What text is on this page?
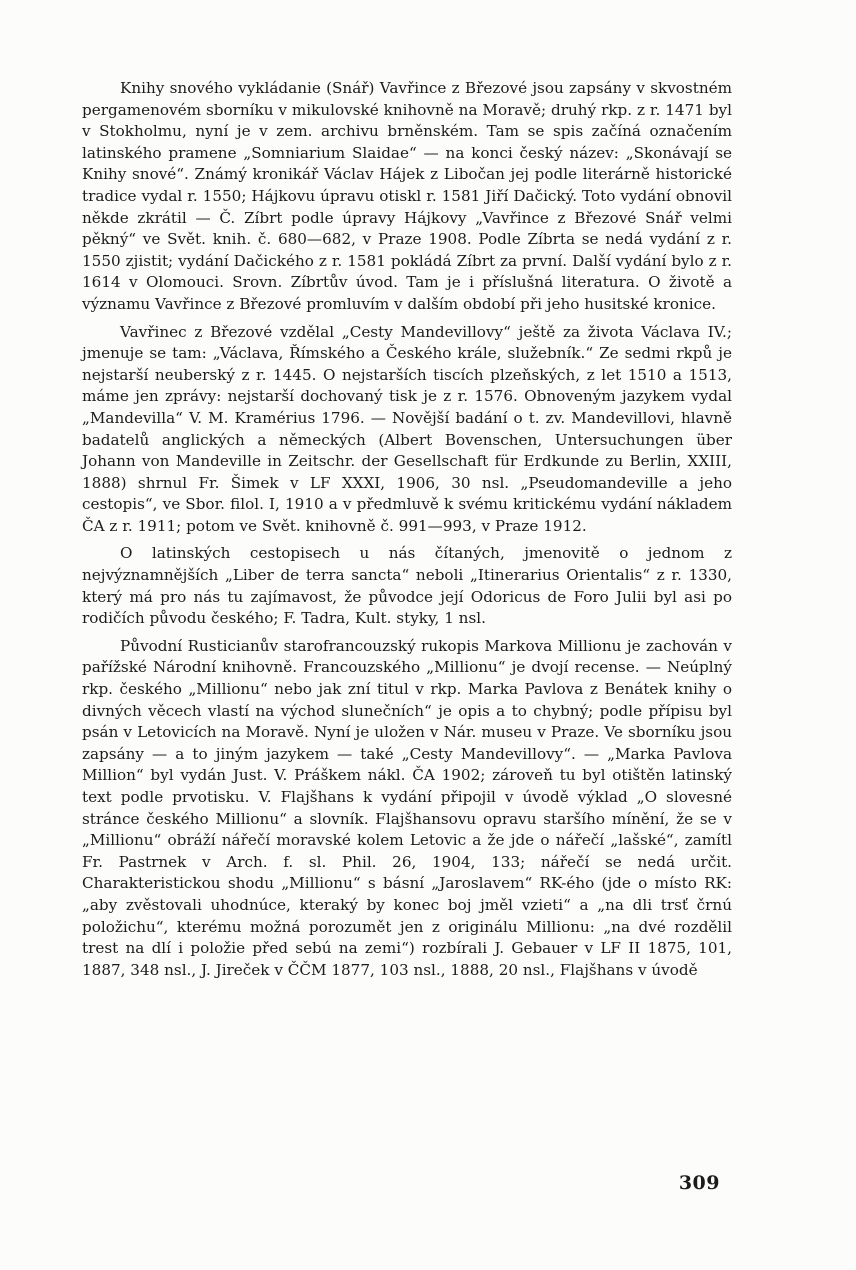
Knihy snového vykládanie (Snář) Vavřince z Březové jsou zapsány v skvostném pergamenovém sborníku v mikulovské knihovně na Moravě; druhý rkp. z r. 1471 byl v Stokholmu, nyní je v zem. archivu brněnském. Tam se spis začíná označením latinského pramene „Somniarium Slaidae“ — na konci český název: „Skonávají se Knihy snové“. Známý kronikář Václav Hájek z Libočan jej podle literárně historické tradice vydal r. 1550; Hájkovu úpravu otiskl r. 1581 Jiří Dačický. Toto vydání obnovil někde zkrátil — Č. Zíbrt podle úpravy Hájkovy „Vavřince z Březové Snář velmi pěkný“ ve Svět. knih. č. 680—682, v Praze 1908. Podle Zíbrta se nedá vydání z r. 1550 zjistit; vydání Dačického z r. 1581 pokládá Zíbrt za první. Další vydání bylo z r. 1614 v Olomouci. Srovn. Zíbrtův úvod. Tam je i příslušná literatura. O životě a významu Vavřince z Březové promluvím v dalším období při jeho husitské kronice.

Vavřinec z Březové vzdělal „Cesty Mandevillovy“ ještě za života Václava IV.; jmenuje se tam: „Václava, Římského a Českého krále, služebník.“ Ze sedmi rkpů je nejstarší neuberský z r. 1445. O nejstarších tiscích plzeňských, z let 1510 a 1513, máme jen zprávy: nejstarší dochovaný tisk je z r. 1576. Obnoveným jazykem vydal „Mandevilla“ V. M. Kramérius 1796. — Novější badání o t. zv. Mandevillovi, hlavně badatelů anglických a německých (Albert Bovenschen, Untersuchungen über Johann von Mandeville in Zeitschr. der Gesellschaft für Erdkunde zu Berlin, XXIII, 1888) shrnul Fr. Šimek v LF XXXI, 1906, 30 nsl. „Pseudomandeville a jeho cestopis“, ve Sbor. filol. I, 1910 a v předmluvě k svému kritickému vydání nákladem ČA z r. 1911; potom ve Svět. knihovně č. 991—993, v Praze 1912.

O latinských cestopisech u nás čítaných, jmenovitě o jednom z nejvýznamnějších „Liber de terra sancta“ neboli „Itinerarius Orientalis“ z r. 1330, který má pro nás tu zajímavost, že původce její Odoricus de Foro Julii byl asi po rodičích původu českého; F. Tadra, Kult. styky, 1 nsl.

Původní Rusticianův starofrancouzský rukopis Markova Millionu je zachován v pařížské Národní knihovně. Francouzského „Millionu“ je dvojí recense. — Neúplný rkp. českého „Millionu“ nebo jak zní titul v rkp. Marka Pavlova z Benátek knihy o divných věcech vlastí na východ slunečních“ je opis a to chybný; podle přípisu byl psán v Letovicích na Moravě. Nyní je uložen v Nár. museu v Praze. Ve sborníku jsou zapsány — a to jiným jazykem — také „Cesty Mandevillovy“. — „Marka Pavlova Million“ byl vydán Just. V. Práškem nákl. ČA 1902; zároveň tu byl otištěn latinský text podle prvotisku. V. Flajšhans k vydání připojil v úvodě výklad „O slovesné stránce českého Millionu“ a slovník. Flajšhansovu opravu staršího mínění, že se v „Millionu“ obráží nářečí moravské kolem Letovic a že jde o nářečí „lašské“, zamítl Fr. Pastrnek v Arch. f. sl. Phil. 26, 1904, 133; nářečí se nedá určit. Charakteristickou shodu „Millionu“ s básní „Jaroslavem“ RK-ého (jde o místo RK: „aby zvěstovali uhodnúce, kteraký by konec boj jměl vzieti“ a „na dli trsť črnú položichu“, kterému možná porozumět jen z originálu Millionu: „na dvé rozdělil trest na dlí i položie před sebú na zemi“) rozbírali J. Gebauer v LF II 1875, 101, 1887, 348 nsl., J. Jireček v ČČM 1877, 103 nsl., 1888, 20 nsl., Flajšhans v úvodě

309
